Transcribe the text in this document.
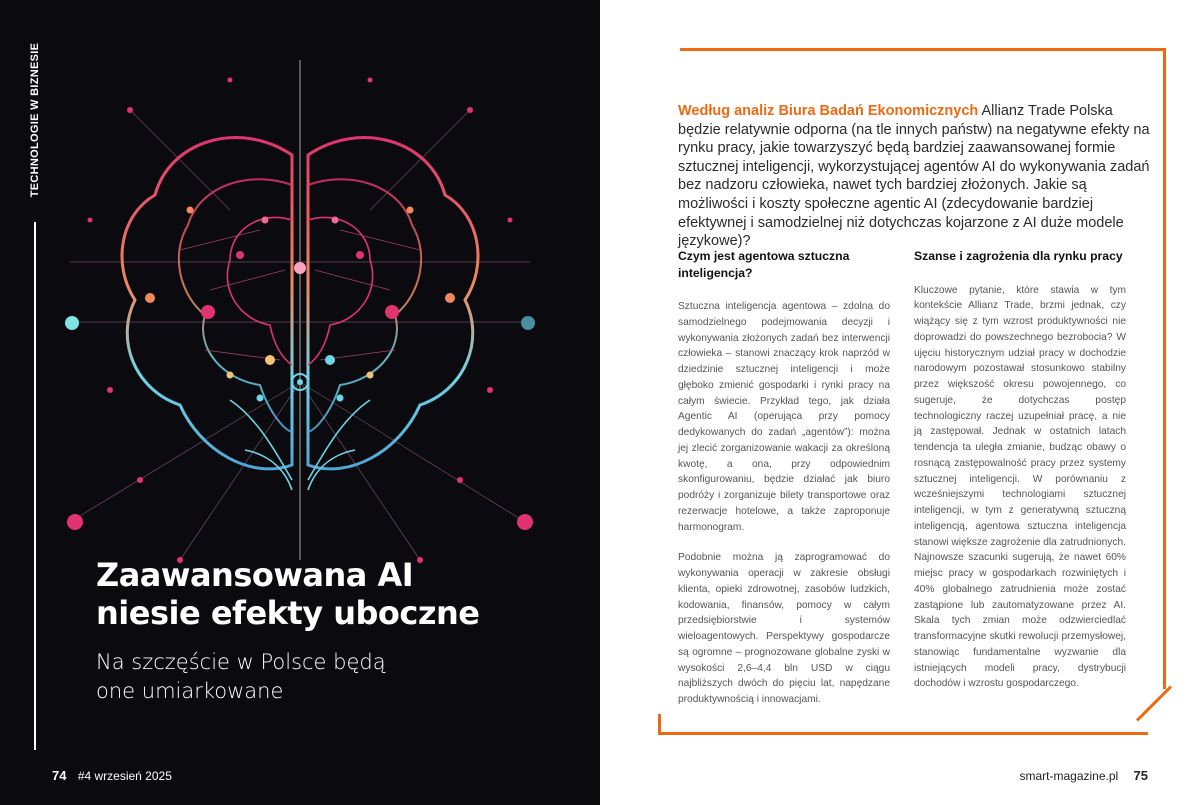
TECHNOLOGIE W BIZNESIE
Zaawansowana AI
niesie efekty uboczne

Na szczęście w Polsce będą
one umiarkowane

74 #4 wrzesień 2025

Według analiz Biura Badań Ekonomicznych Allianz Trade Polska będzie relatywnie odporna (na tle innych państw) na negatywne efekty na rynku pracy, jakie towarzyszyć będą bardziej zaawansowanej formie sztucznej inteligencji, wykorzystującej agentów AI do wykonywania zadań bez nadzoru człowieka, nawet tych bardziej złożonych. Jakie są możliwości i koszty społeczne agentic AI (zdecydowanie bardziej efektywnej i samodzielnej niż dotychczas kojarzone z AI duże modele językowe)?

Czym jest agentowa sztuczna inteligencja?

Sztuczna inteligencja agentowa – zdolna do samodzielnego podejmowania decyzji i wykonywania złożonych zadań bez interwencji człowieka – stanowi znaczący krok naprzód w dziedzinie sztucznej inteligencji i może głęboko zmienić gospodarki i rynki pracy na całym świecie. Przykład tego, jak działa Agentic AI (operująca przy pomocy dedykowanych do zadań „agentów”): można jej zlecić zorganizowanie wakacji za określoną kwotę, a ona, przy odpowiednim skonfigurowaniu, będzie działać jak biuro podróży i zorganizuje bilety transportowe oraz rezerwacje hotelowe, a także zaproponuje harmonogram.

Podobnie można ją zaprogramować do wykonywania operacji w zakresie obsługi klienta, opieki zdrowotnej, zasobów ludzkich, kodowania, finansów, pomocy w całym przedsiębiorstwie i systemów wieloagentowych. Perspektywy gospodarcze są ogromne – prognozowane globalne zyski w wysokości 2,6–4,4 bln USD w ciągu najbliższych dwóch do pięciu lat, napędzane produktywnością i innowacjami.

Szanse i zagrożenia dla rynku pracy

Kluczowe pytanie, które stawia w tym kontekście Allianz Trade, brzmi jednak, czy wiążący się z tym wzrost produktywności nie doprowadzi do powszechnego bezrobocia? W ujęciu historycznym udział pracy w dochodzie narodowym pozostawał stosunkowo stabilny przez większość okresu powojennego, co sugeruje, że dotychczas postęp technologiczny raczej uzupełniał pracę, a nie ją zastępował. Jednak w ostatnich latach tendencja ta uległa zmianie, budząc obawy o rosnącą zastępowalność pracy przez systemy sztucznej inteligencji. W porównaniu z wcześniejszymi technologiami sztucznej inteligencji, w tym z generatywną sztuczną inteligencją, agentowa sztuczna inteligencja stanowi większe zagrożenie dla zatrudnionych. Najnowsze szacunki sugerują, że nawet 60% miejsc pracy w gospodarkach rozwiniętych i 40% globalnego zatrudnienia może zostać zastąpione lub zautomatyzowane przez AI. Skala tych zmian może odzwierciedlać transformacyjne skutki rewolucji przemysłowej, stanowiąc fundamentalne wyzwanie dla istniejących modeli pracy, dystrybucji dochodów i wzrostu gospodarczego.

smart-magazine.pl 75
